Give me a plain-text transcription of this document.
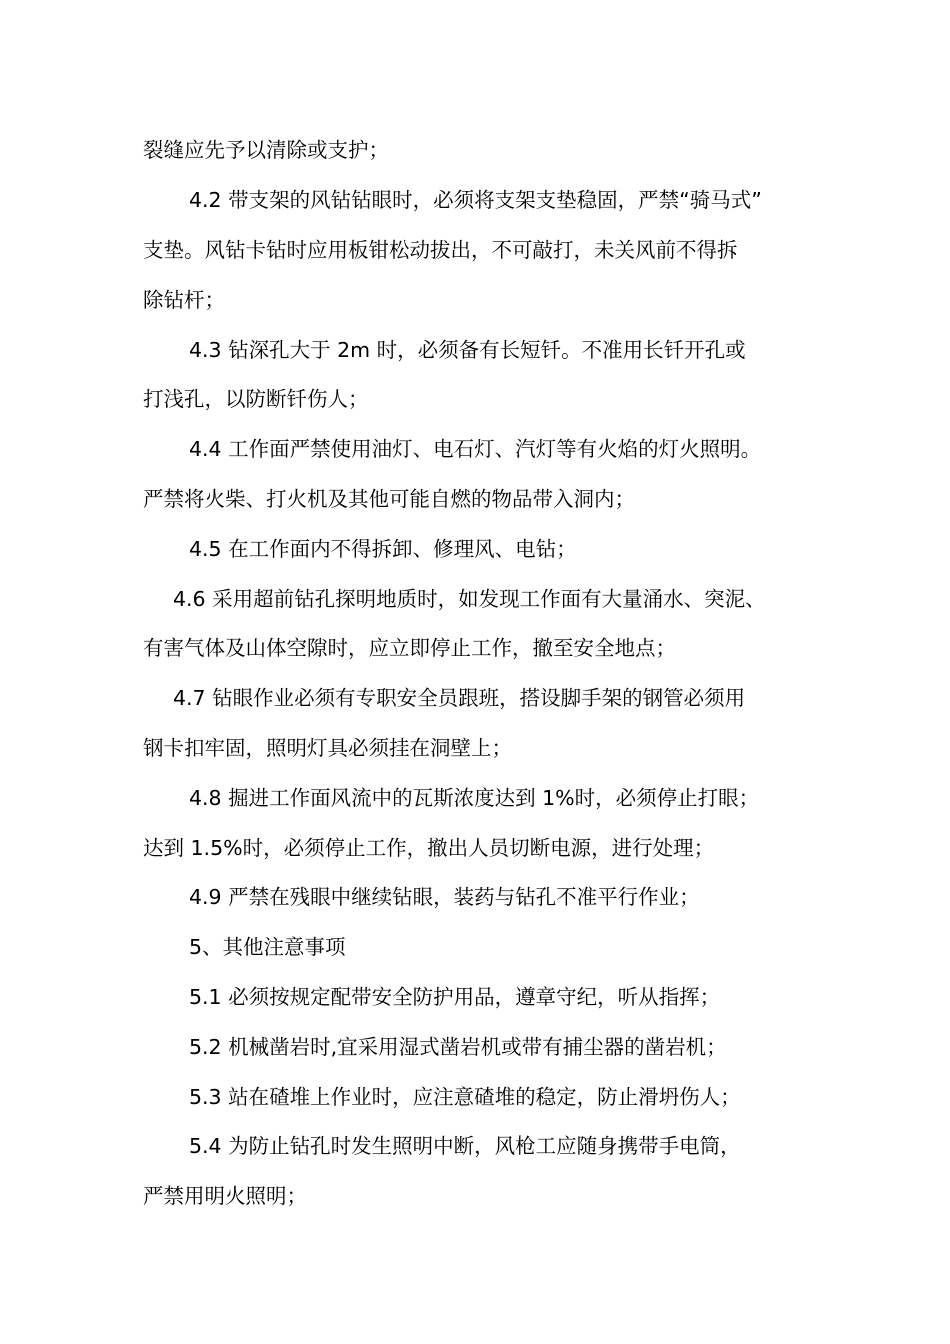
裂缝应先予以清除或支护；
4.2 带支架的风钻钻眼时，必须将支架支垫稳固，严禁“骑马式”
支垫。风钻卡钻时应用板钳松动拔出，不可敲打，未关风前不得拆
除钻杆；
4.3 钻深孔大于 2m 时，必须备有长短钎。不准用长钎开孔或
打浅孔，以防断钎伤人；
4.4 工作面严禁使用油灯、电石灯、汽灯等有火焰的灯火照明。
严禁将火柴、打火机及其他可能自燃的物品带入洞内；
4.5 在工作面内不得拆卸、修理风、电钻；
4.6 采用超前钻孔探明地质时，如发现工作面有大量涌水、突泥、
有害气体及山体空隙时，应立即停止工作，撤至安全地点；
4.7 钻眼作业必须有专职安全员跟班，搭设脚手架的钢管必须用
钢卡扣牢固，照明灯具必须挂在洞壁上；
4.8 掘进工作面风流中的瓦斯浓度达到 1%时，必须停止打眼；
达到 1.5%时，必须停止工作，撤出人员切断电源，进行处理；
4.9 严禁在残眼中继续钻眼，装药与钻孔不准平行作业；
5、其他注意事项
5.1 必须按规定配带安全防护用品，遵章守纪，听从指挥；
5.2 机械凿岩时,宜采用湿式凿岩机或带有捕尘器的凿岩机；
5.3 站在碴堆上作业时，应注意碴堆的稳定，防止滑坍伤人；
5.4 为防止钻孔时发生照明中断，风枪工应随身携带手电筒，
严禁用明火照明；
